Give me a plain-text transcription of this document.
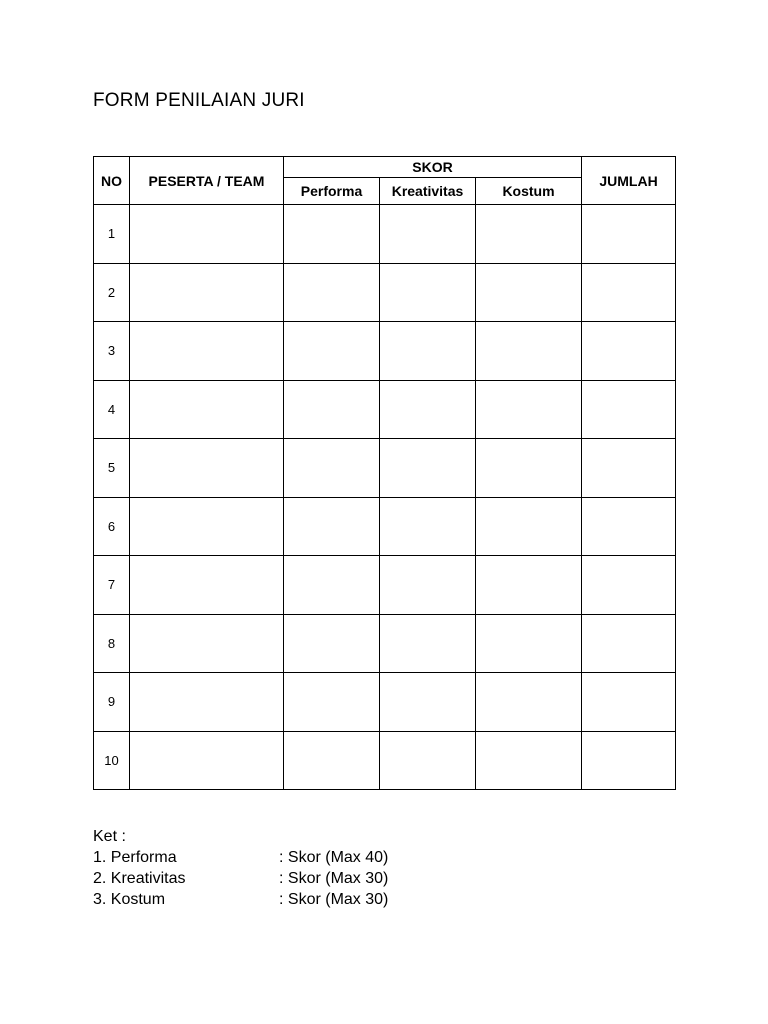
FORM PENILAIAN JURI
NO	PESERTA / TEAM	SKOR			JUMLAH
		Performa	Kreativitas	Kostum	
1					
2					
3					
4					
5					
6					
7					
8					
9					
10					
Ket :
1. Performa	: Skor (Max 40)
2. Kreativitas	: Skor (Max 30)
3. Kostum	: Skor (Max 30)
